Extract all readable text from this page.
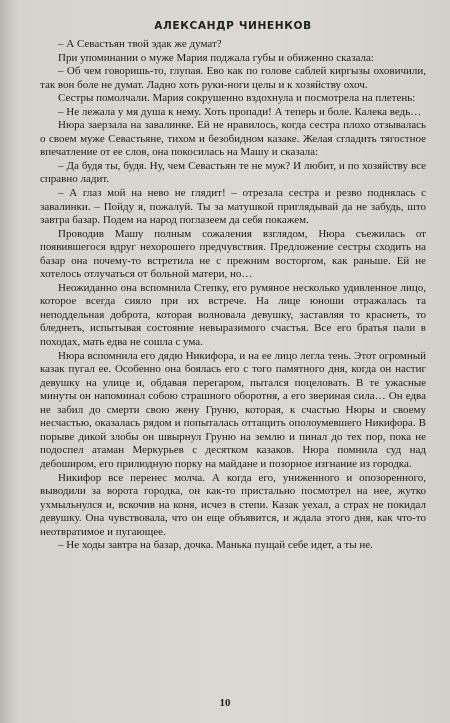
АЛЕКСАНДР ЧИНЕНКОВ

– А Севастьян твой эдак же думат?

При упоминании о муже Мария поджала губы и обиженно сказала:

– Об чем говоришь-то, глупая. Ево как по голове саблей киргызы оховичили, так вон боле не думат. Ладно хоть руки-ноги целы и к хозяйству охоч.

Сестры помолчали. Мария сокрушенно вздохнула и посмотрела на плетень:

– Не лежала у мя душа к нему. Хоть пропади! А теперь и боле. Калека ведь…

Нюра заерзала на завалинке. Ей не нравилось, когда сестра плохо отзывалась о своем муже Севастьяне, тихом и безобидном казаке. Желая сгладить тягостное впечатление от ее слов, она покосилась на Машу и сказала:

– Да будя ты, будя. Ну, чем Севастьян те не муж? И любит, и по хозяйству все справно ладит.

– А глаз мой на нево не глядит! – отрезала сестра и резво поднялась с завалинки. – Пойду я, пожалуй. Ты за матушкой приглядывай да не забудь, што завтра базар. Подем на народ поглазеем да себя покажем.

Проводив Машу полным сожаления взглядом, Нюра съежилась от появившегося вдруг нехорошего предчувствия. Предложение сестры сходить на базар она почему-то встретила не с прежним восторгом, как раньше. Ей не хотелось отлучаться от больной матери, но…

Неожиданно она вспомнила Степку, его румяное несколько удивленное лицо, которое всегда сияло при их встрече. На лице юноши отражалась та неподдельная доброта, которая волновала девушку, заставляя то краснеть, то бледнеть, испытывая состояние невыразимого счастья. Все его братья пали в походах, мать едва не сошла с ума.

Нюра вспомнила его дядю Никифора, и на ее лицо легла тень. Этот огромный казак пугал ее. Особенно она боялась его с того памятного дня, когда он настиг девушку на улице и, обдавая перегаром, пытался поцеловать. В те ужасные минуты он напоминал собою страшного оборотня, а его звериная сила… Он едва не забил до смерти свою жену Груню, которая, к счастью Нюры и своему несчастью, оказалась рядом и попыталась оттащить ополоумевшего Никифора. В порыве дикой злобы он швырнул Груню на землю и пинал до тех пор, пока не подоспел атаман Меркурьев с десятком казаков. Нюра помнила суд над дебоширом, его прилюдную порку на майдане и позорное изгнание из городка.

Никифор все перенес молча. А когда его, униженного и опозоренного, выводили за ворота городка, он как-то пристально посмотрел на нее, жутко ухмыльнулся и, вскочив на коня, исчез в степи. Казак уехал, а страх не покидал девушку. Она чувствовала, что он еще объявится, и ждала этого дня, как что-то неотвратимое и пугающее.

– Не ходы завтра на базар, дочка. Манька пущай себе идет, а ты не.

10
